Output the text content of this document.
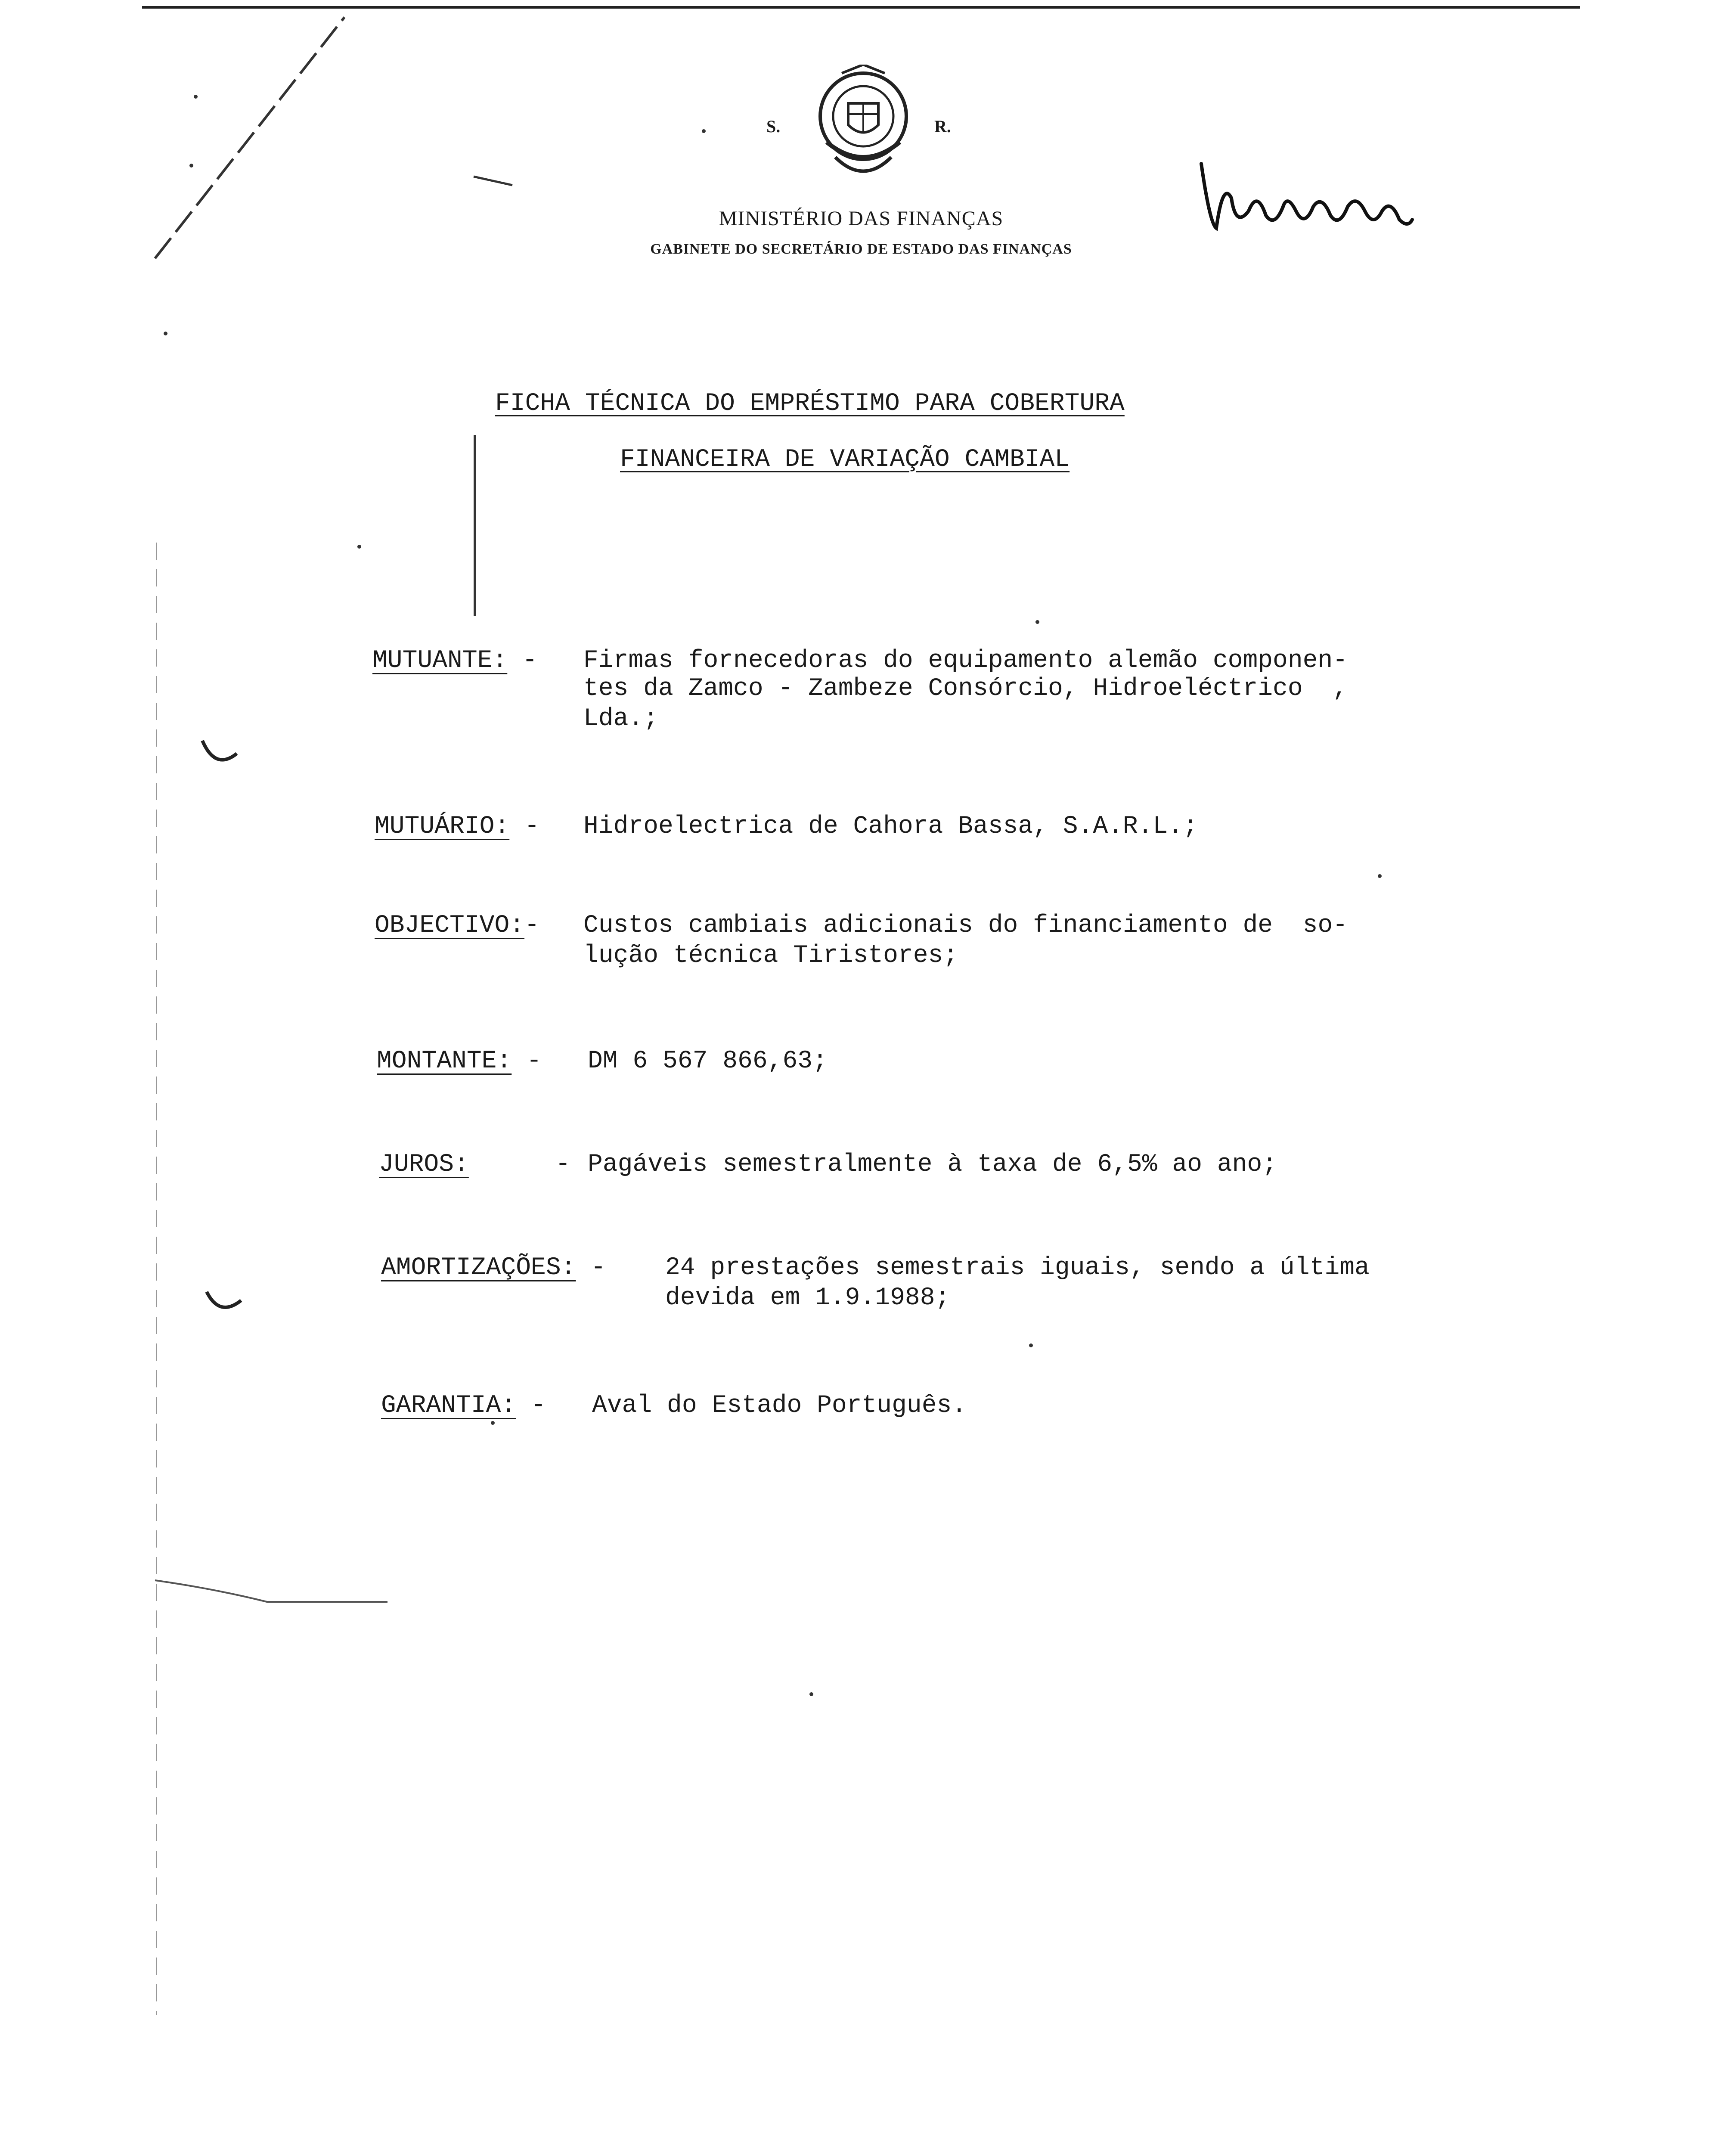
S.	R.
MINISTÉRIO DAS FINANÇAS
GABINETE DO SECRETÁRIO DE ESTADO DAS FINANÇAS
FICHA TÉCNICA DO EMPRÉSTIMO PARA COBERTURA
FINANCEIRA DE VARIAÇÃO CAMBIAL
MUTUANTE: - Firmas fornecedoras do equipamento alemão componen-
tes da Zamco - Zambeze Consórcio, Hidroeléctrico  ,
Lda.;
MUTUÁRIO: - Hidroelectrica de Cahora Bassa, S.A.R.L.;
OBJECTIVO:- Custos cambiais adicionais do financiamento de  so-
lução técnica Tiristores;
MONTANTE: - DM 6 567 866,63;
JUROS:	- Pagáveis semestralmente à taxa de 6,5% ao ano;
AMORTIZAÇÕES: - 24 prestações semestrais iguais, sendo a última
devida em 1.9.1988;
GARANTIA: - Aval do Estado Português.
